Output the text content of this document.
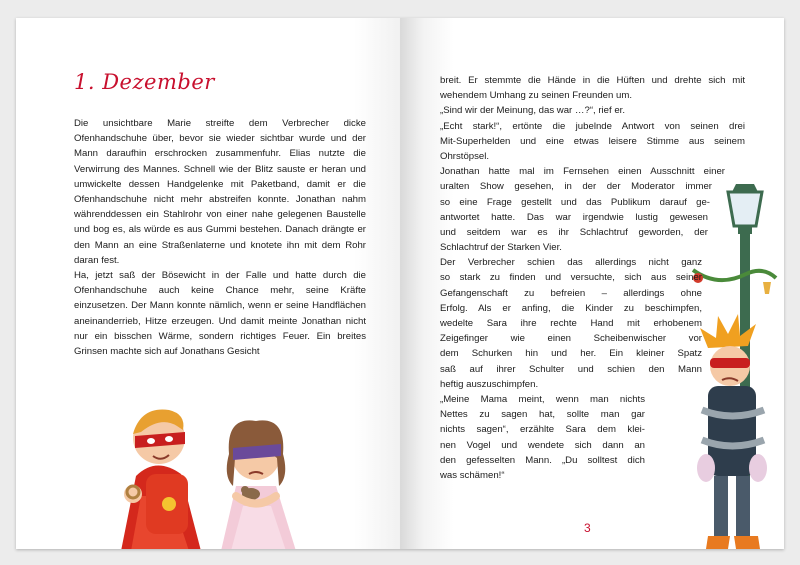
1. Dezember

Die unsichtbare Marie streifte dem Verbrecher dicke Ofenhandschuhe über, bevor sie wieder sichtbar wurde und der Mann daraufhin erschrocken zusammenfuhr. Elias nutzte die Verwirrung des Mannes. Schnell wie der Blitz sauste er heran und umwickelte dessen Handgelenke mit Paketband, damit er die Ofenhandschuhe nicht mehr abstreifen konnte. Jonathan nahm währenddessen ein Stahlrohr von einer nahe gelegenen Baustelle und bog es, als würde es aus Gummi bestehen. Danach drängte er den Mann an eine Straßenlaterne und knotete ihn mit dem Rohr daran fest.

Ha, jetzt saß der Bösewicht in der Falle und hatte durch die Ofenhandschuhe auch keine Chance mehr, seine Kräfte einzusetzen. Der Mann konnte nämlich, wenn er seine Handflächen aneinanderrieb, Hitze erzeugen. Und damit meinte Jonathan nicht nur ein bisschen Wärme, sondern richtiges Feuer. Ein breites Grinsen machte sich auf Jonathans Gesicht

breit. Er stemmte die Hände in die Hüften und drehte sich mit
wehendem Umhang zu seinen Freunden um.
„Sind wir der Meinung, das war …?“, rief er.
„Echt stark!“, ertönte die jubelnde Antwort von seinen drei
Mit-Superhelden und eine etwas leisere Stimme aus seinem
Ohrstöpsel.
Jonathan hatte mal im Fernsehen einen Ausschnitt einer
uralten Show gesehen, in der der Moderator immer
so eine Frage gestellt und das Publikum darauf ge-
antwortet hatte. Das war irgendwie lustig gewesen
und seitdem war es ihr Schlachtruf geworden, der
Schlachtruf der Starken Vier.
Der Verbrecher schien das allerdings nicht ganz
so stark zu finden und versuchte, sich aus seiner
Gefangenschaft zu befreien – allerdings ohne
Erfolg. Als er anfing, die Kinder zu beschimpfen,
wedelte Sara ihre rechte Hand mit erhobenem
Zeigefinger wie einen Scheibenwischer vor
dem Schurken hin und her. Ein kleiner Spatz
saß auf ihrer Schulter und schien den Mann
heftig auszuschimpfen.
„Meine Mama meint, wenn man nichts
Nettes zu sagen hat, sollte man gar
nichts sagen“, erzählte Sara dem klei-
nen Vogel und wendete sich dann an
den gefesselten Mann. „Du solltest dich
was schämen!“
3
